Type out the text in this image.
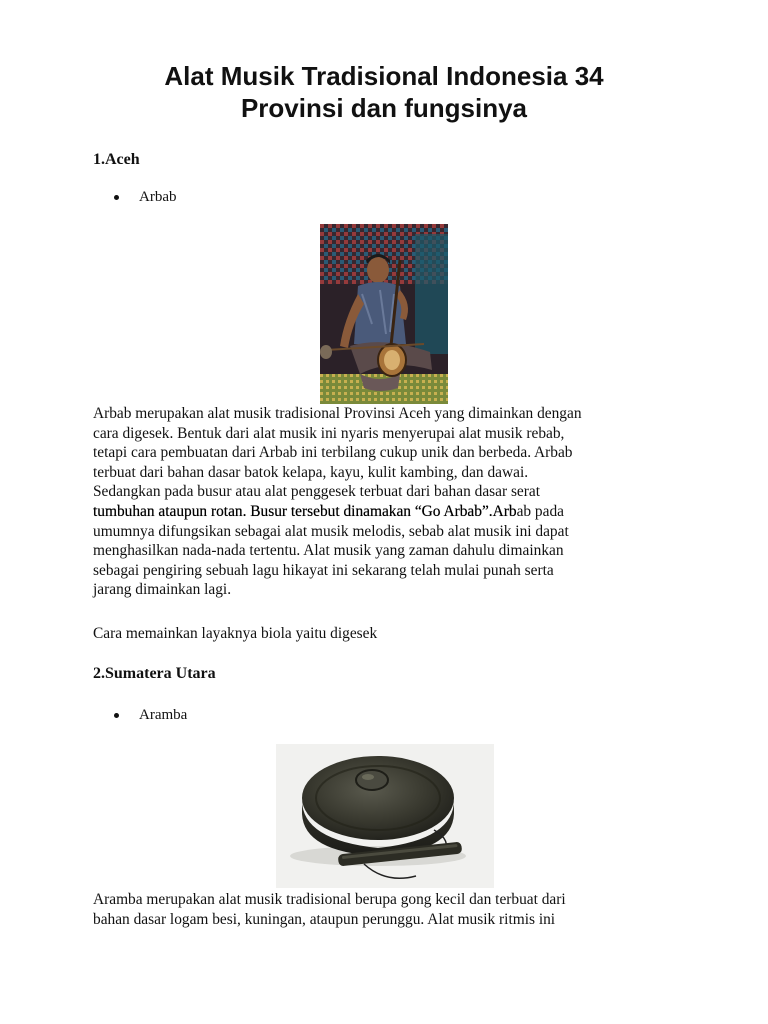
Alat Musik Tradisional Indonesia 34
Provinsi dan fungsinya
1.Aceh
Arbab
Arbab merupakan alat musik tradisional Provinsi Aceh yang dimainkan dengan
cara digesek. Bentuk dari alat musik ini nyaris menyerupai alat musik rebab,
tetapi cara pembuatan dari Arbab ini terbilang cukup unik dan berbeda. Arbab
terbuat dari bahan dasar batok kelapa, kayu, kulit kambing, dan dawai.
Sedangkan pada busur atau alat penggesek terbuat dari bahan dasar serat
tumbuhan ataupun rotan. Busur tersebut dinamakan “Go Arbab”.Arbab pada
umumnya difungsikan sebagai alat musik melodis, sebab alat musik ini dapat
menghasilkan nada-nada tertentu. Alat musik yang zaman dahulu dimainkan
sebagai pengiring sebuah lagu hikayat ini sekarang telah mulai punah serta
jarang dimainkan lagi.
Cara memainkan layaknya biola yaitu digesek
2.Sumatera Utara
Aramba
Aramba merupakan alat musik tradisional berupa gong kecil dan terbuat dari
bahan dasar logam besi, kuningan, ataupun perunggu. Alat musik ritmis ini
